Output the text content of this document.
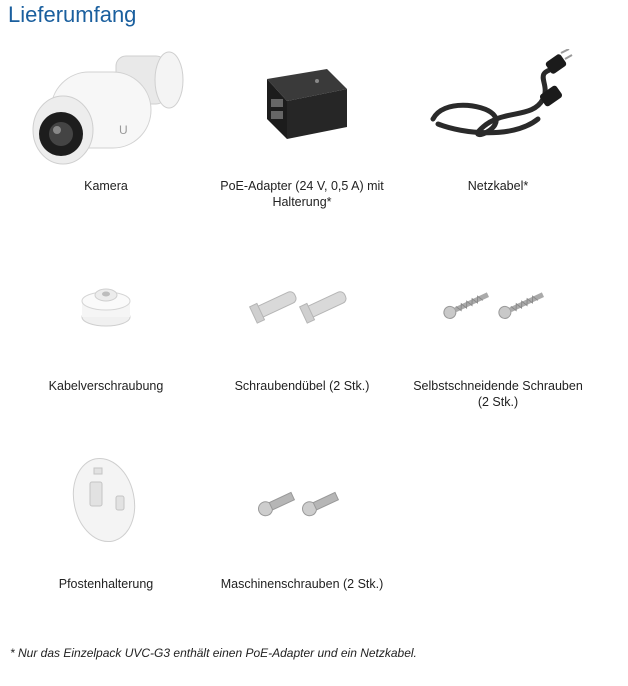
Lieferumfang
U
Kamera	PoE-Adapter (24 V, 0,5 A) mit Halterung*
Netzkabel*
Kabelverschraubung	Schraubendübel (2 Stk.)	Selbstschneidende Schrauben (2 Stk.)
Pfostenhalterung	Maschinenschrauben (2 Stk.)
* Nur das Einzelpack UVC-G3 enthält einen PoE-Adapter und ein Netzkabel.
